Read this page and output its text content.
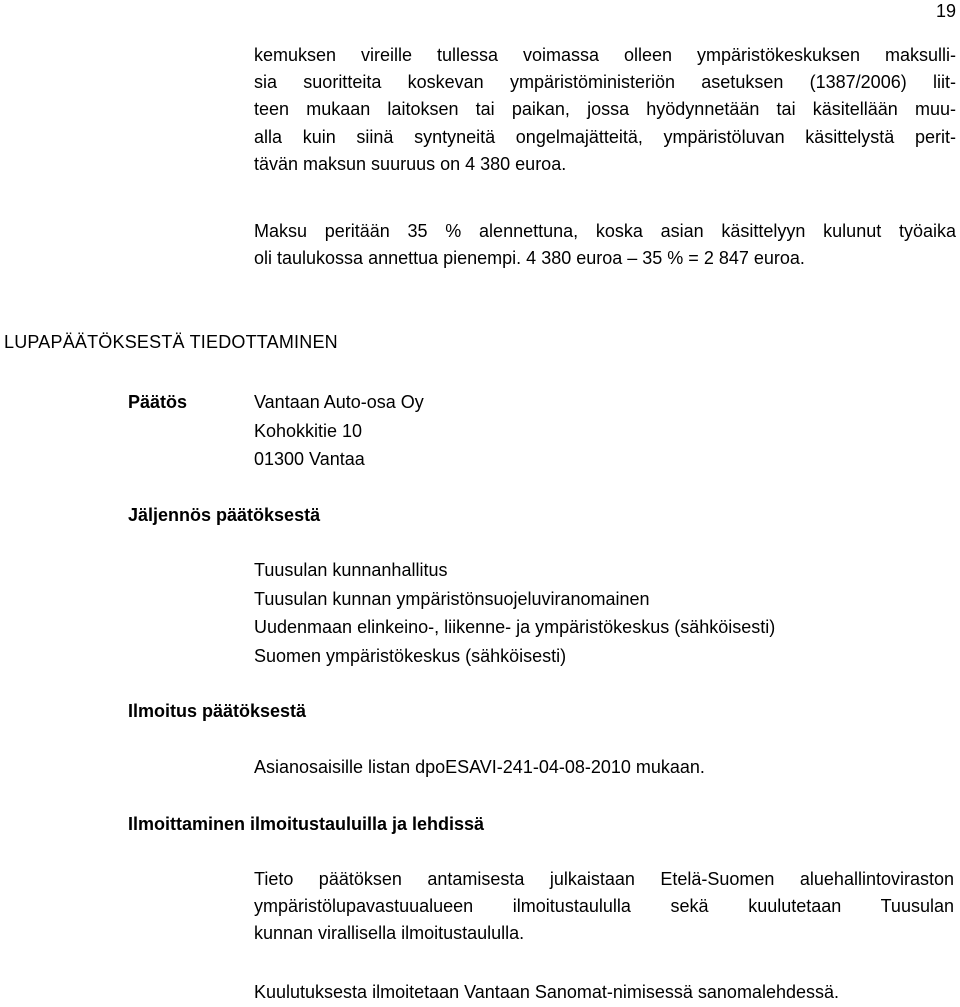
19

kemuksen vireille tullessa voimassa olleen ympäristökeskuksen maksulli-
sia suoritteita koskevan ympäristöministeriön asetuksen (1387/2006) liit-
teen mukaan laitoksen tai paikan, jossa hyödynnetään tai käsitellään muu-
alla kuin siinä syntyneitä ongelmajätteitä, ympäristöluvan käsittelystä perit-
tävän maksun suuruus on 4 380 euroa.

Maksu peritään 35 % alennettuna, koska asian käsittelyyn kulunut työaika
oli taulukossa annettua pienempi. 4 380 euroa – 35 % = 2 847 euroa.

LUPAPÄÄTÖKSESTÄ TIEDOTTAMINEN
Päätös	Vantaan Auto-osa Oy
Kohokkitie 10
01300 Vantaa
Jäljennös päätöksestä
Tuusulan kunnanhallitus
Tuusulan kunnan ympäristönsuojeluviranomainen
Uudenmaan elinkeino-, liikenne- ja ympäristökeskus (sähköisesti)
Suomen ympäristökeskus (sähköisesti)
Ilmoitus päätöksestä
Asianosaisille listan dpoESAVI-241-04-08-2010 mukaan.
Ilmoittaminen ilmoitustauluilla ja lehdissä

Tieto päätöksen antamisesta julkaistaan Etelä-Suomen aluehallintoviraston
ympäristölupavastuualueen ilmoitustaululla sekä kuulutetaan Tuusulan
kunnan virallisella ilmoitustaululla.

Kuulutuksesta ilmoitetaan Vantaan Sanomat-nimisessä sanomalehdessä.
